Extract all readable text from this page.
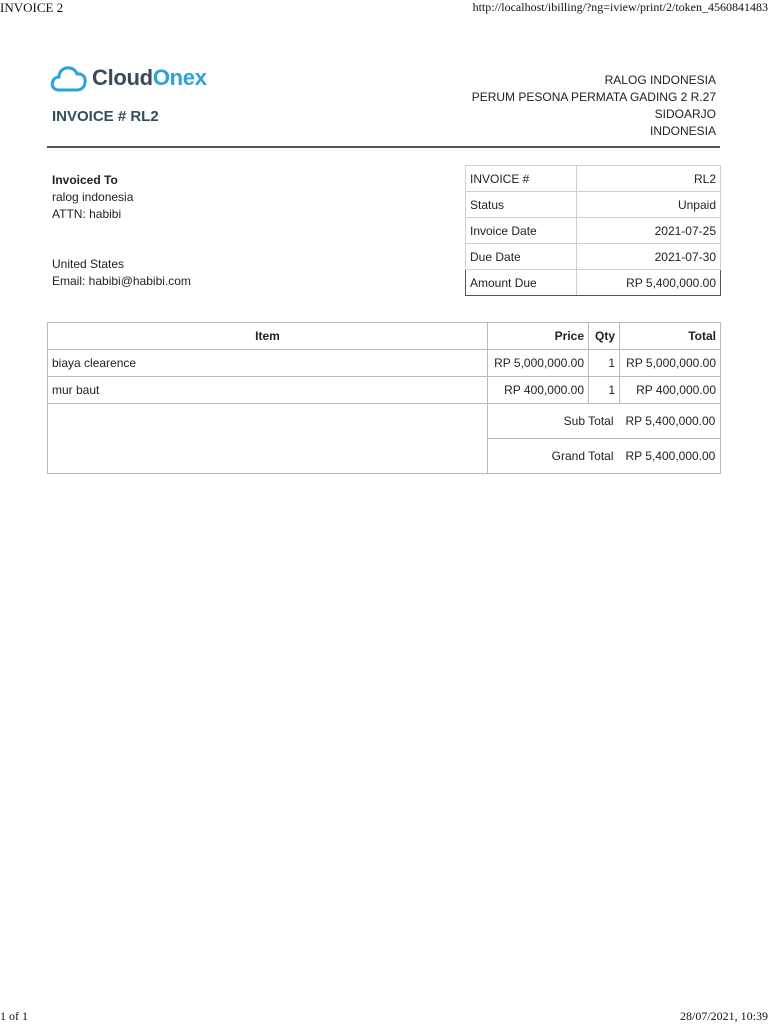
INVOICE 2	http://localhost/ibilling/?ng=iview/print/2/token_4560841483
CloudOnex
INVOICE # RL2
RALOG INDONESIA
PERUM PESONA PERMATA GADING 2 R.27
SIDOARJO
INDONESIA
Invoiced To
ralog indonesia
ATTN: habibi
United States
Email: habibi@habibi.com
INVOICE #	RL2
Status	Unpaid
Invoice Date	2021-07-25
Due Date	2021-07-30
Amount Due	RP 5,400,000.00
Item	Price	Qty	Total
biaya clearence	RP 5,000,000.00	1	RP 5,000,000.00
mur baut	RP 400,000.00	1	RP 400,000.00
	Sub Total		RP 5,400,000.00
	Grand Total		RP 5,400,000.00
1 of 1	28/07/2021, 10:39
